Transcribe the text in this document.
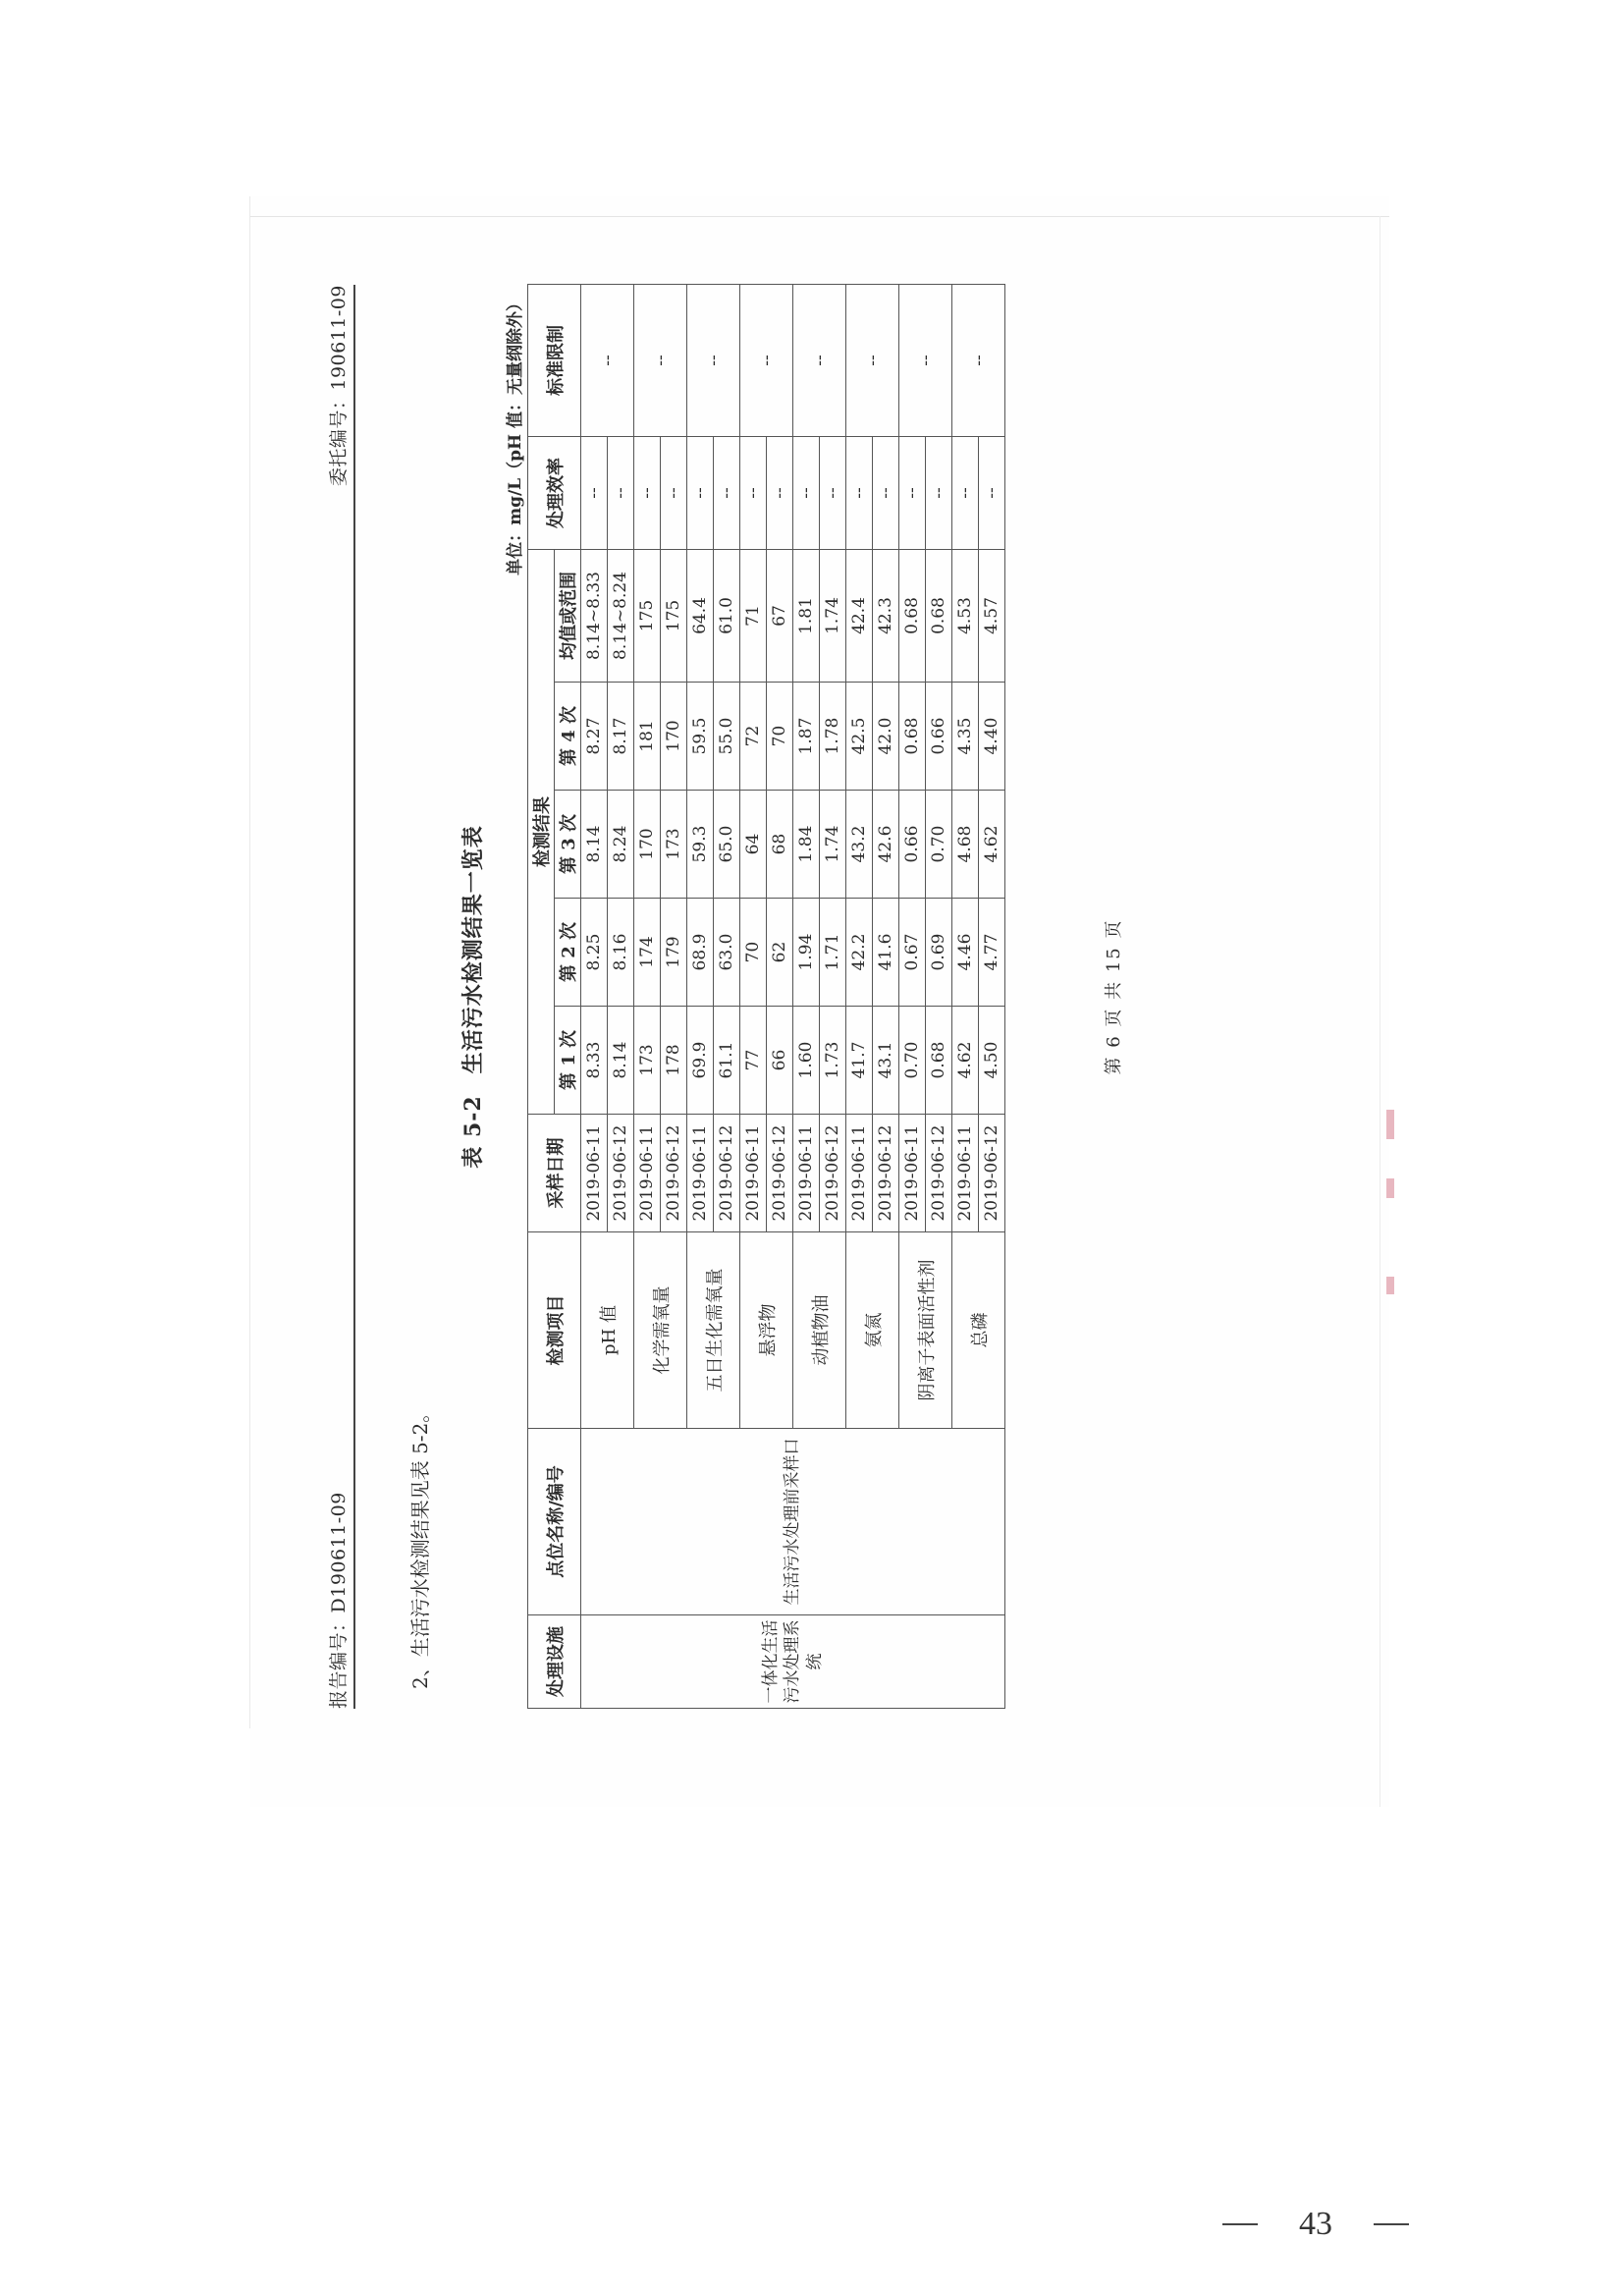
报告编号：D190611-09
委托编号：190611-09
2、生活污水检测结果见表 5-2。
表 5-2生活污水检测结果一览表
单位：mg/L（pH 值：无量纲除外）
处理设施	点位名称/编号	检测项目	采样日期	检测结果					处理效率	标准限制
				第 1 次	第 2 次	第 3 次	第 4 次	均值或范围		
一体化生活污水处理系统	生活污水处理前采样口	pH 值	2019-06-11	8.33	8.25	8.14	8.27	8.14~8.33	--	--
			2019-06-12	8.14	8.16	8.24	8.17	8.14~8.24	--	
		化学需氧量	2019-06-11	173	174	170	181	175	--	--
			2019-06-12	178	179	173	170	175	--	
		五日生化需氧量	2019-06-11	69.9	68.9	59.3	59.5	64.4	--	--
			2019-06-12	61.1	63.0	65.0	55.0	61.0	--	
		悬浮物	2019-06-11	77	70	64	72	71	--	--
			2019-06-12	66	62	68	70	67	--	
		动植物油	2019-06-11	1.60	1.94	1.84	1.87	1.81	--	--
			2019-06-12	1.73	1.71	1.74	1.78	1.74	--	
		氨氮	2019-06-11	41.7	42.2	43.2	42.5	42.4	--	--
			2019-06-12	43.1	41.6	42.6	42.0	42.3	--	
		阴离子表面活性剂	2019-06-11	0.70	0.67	0.66	0.68	0.68	--	--
			2019-06-12	0.68	0.69	0.70	0.66	0.68	--	
		总磷	2019-06-11	4.62	4.46	4.68	4.35	4.53	--	--
			2019-06-12	4.50	4.77	4.62	4.40	4.57	--	
第 6 页 共 15 页
43
